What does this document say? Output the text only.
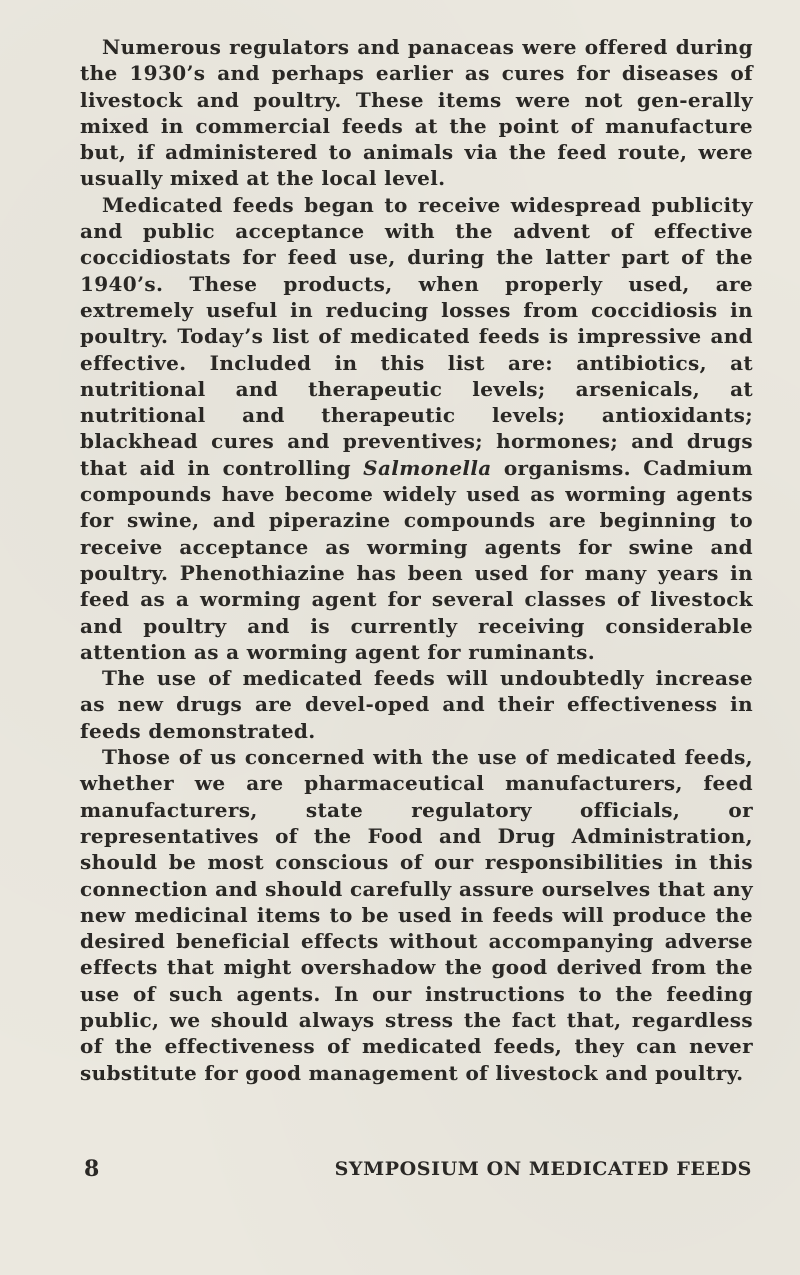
Numerous regulators and panaceas were offered during the 1930’s and perhaps earlier as cures for diseases of livestock and poultry. These items were not gen-erally mixed in commercial feeds at the point of manufacture but, if administered to animals via the feed route, were usually mixed at the local level.

Medicated feeds began to receive widespread publicity and public acceptance with the advent of effective coccidiostats for feed use, during the latter part of the 1940’s. These products, when properly used, are extremely useful in reducing losses from coccidiosis in poultry. Today’s list of medicated feeds is impressive and effective. Included in this list are: antibiotics, at nutritional and therapeutic levels; arsenicals, at nutritional and therapeutic levels; antioxidants; blackhead cures and preventives; hormones; and drugs that aid in controlling Salmonella organisms. Cadmium compounds have become widely used as worming agents for swine, and piperazine compounds are beginning to receive acceptance as worming agents for swine and poultry. Phenothiazine has been used for many years in feed as a worming agent for several classes of livestock and poultry and is currently receiving considerable attention as a worming agent for ruminants.

The use of medicated feeds will undoubtedly increase as new drugs are devel-oped and their effectiveness in feeds demonstrated.

Those of us concerned with the use of medicated feeds, whether we are pharmaceutical manufacturers, feed manufacturers, state regulatory officials, or representatives of the Food and Drug Administration, should be most conscious of our responsibilities in this connection and should carefully assure ourselves that any new medicinal items to be used in feeds will produce the desired beneficial effects without accompanying adverse effects that might overshadow the good derived from the use of such agents. In our instructions to the feeding public, we should always stress the fact that, regardless of the effectiveness of medicated feeds, they can never substitute for good management of livestock and poultry.

8	SYMPOSIUM ON MEDICATED FEEDS
